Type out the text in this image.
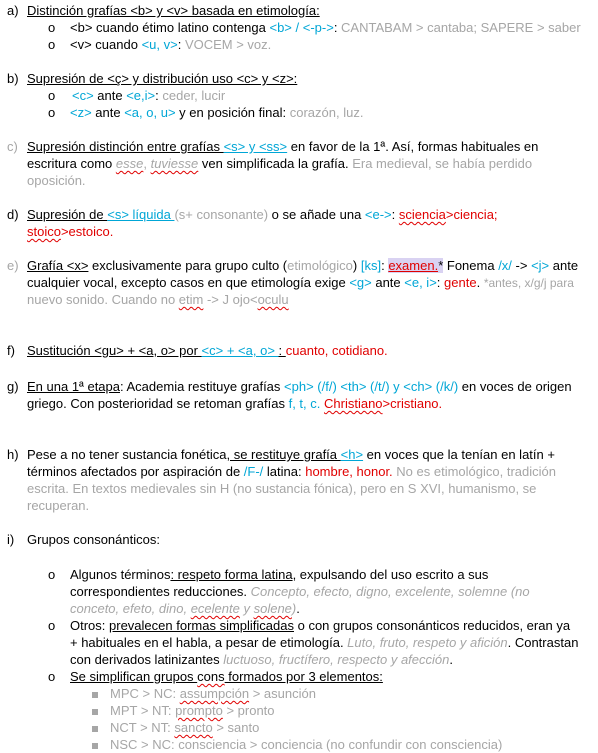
a) Distinción grafías <b> y <v> basada en etimología:
o <b> cuando étimo latino contenga <b> / <-p->: CANTABAM > cantaba; SAPERE > saber
o <v> cuando <u, v>: VOCEM > voz.
b) Supresión de <ç> y distribución uso <c> y <z>:
o <c> ante <e,i>: ceder, lucir
o <z> ante <a, o, u> y en posición final: corazón, luz.
c) Supresión distinción entre grafías <s> y <ss> en favor de la 1ª. Así, formas habituales en
escritura como esse, tuviesse ven simplificada la grafía. Era medieval, se había perdido
oposición.
d) Supresión de <s> líquida (s+ consonante) o se añade una <e->: sciencia>ciencia;
stoico>estoico.
e) Grafía <x> exclusivamente para grupo culto (etimológico) [ks]: examen.* Fonema /x/ -> <j> ante
cualquier vocal, excepto casos en que etimología exige <g> ante <e, i>: gente. *antes, x/g/j para
nuevo sonido. Cuando no etim -> J ojo<oculu
f) Sustitución <gu> + <a, o> por <c> + <a, o> : cuanto, cotidiano.
g) En una 1ª etapa: Academia restituye grafías <ph> (/f/) <th> (/t/) y <ch> (/k/) en voces de origen
griego. Con posterioridad se retoman grafías f, t, c. Christiano>cristiano.
h) Pese a no tener sustancia fonética, se restituye grafía <h> en voces que la tenían en latín +
términos afectados por aspiración de /F-/ latina: hombre, honor. No es etimológico, tradición
escrita. En textos medievales sin H (no sustancia fónica), pero en S XVI, humanismo, se
recuperan.
i) Grupos consonánticos:
o Algunos términos: respeto forma latina, expulsando del uso escrito a sus
correspondientes reducciones. Concepto, efecto, digno, excelente, solemne (no
conceto, efeto, dino, ecelente y solene).
o Otros: prevalecen formas simplificadas o con grupos consonánticos reducidos, eran ya
+ habituales en el habla, a pesar de etimología. Luto, fruto, respeto y afición. Contrastan
con derivados latinizantes luctuoso, fructífero, respecto y afección.
o Se simplifican grupos cons formados por 3 elementos:
MPC > NC: assumpción > asunción
MPT > NT: prompto > pronto
NCT > NT: sancto > santo
NSC > NC: consciencia > conciencia (no confundir con consciencia)
